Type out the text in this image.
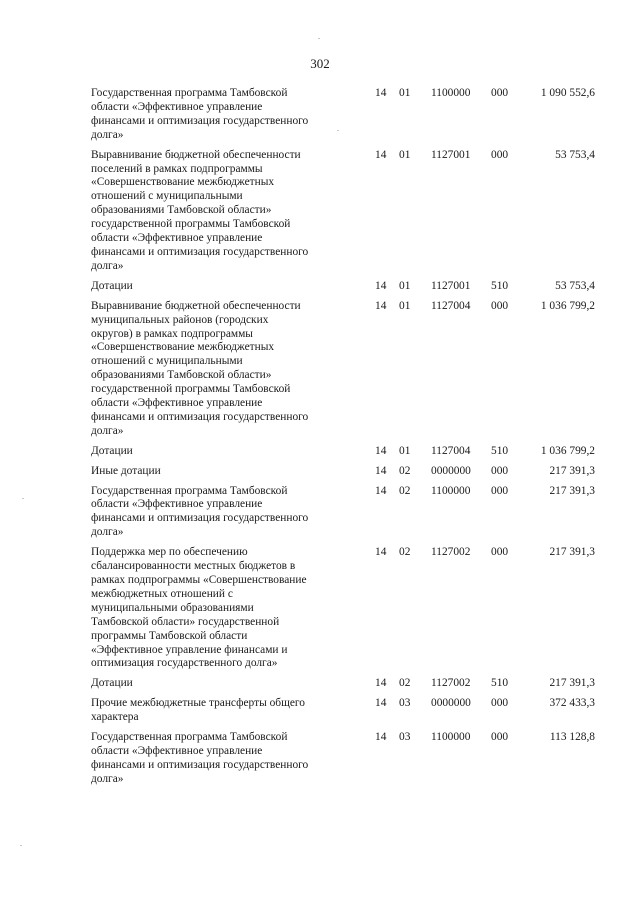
302
Государственная программа Тамбовской
области «Эффективное управление
финансами и оптимизация государственного
долга»
14 01 1100000 000	1 090 552,6
Выравнивание бюджетной обеспеченности
поселений в рамках подпрограммы
«Совершенствование межбюджетных
отношений с муниципальными
образованиями Тамбовской области»
государственной программы Тамбовской
области «Эффективное управление
финансами и оптимизация государственного
долга»
14 01 1127001 000	53 753,4
Дотации	14 01 1127001 510	53 753,4
Выравнивание бюджетной обеспеченности
муниципальных районов (городских
округов) в рамках подпрограммы
«Совершенствование межбюджетных
отношений с муниципальными
образованиями Тамбовской области»
государственной программы Тамбовской
области «Эффективное управление
финансами и оптимизация государственного
долга»
14 01 1127004 000	1 036 799,2
Дотации	14 01 1127004 510	1 036 799,2
Иные дотации	14 02 0000000 000	217 391,3
Государственная программа Тамбовской
области «Эффективное управление
финансами и оптимизация государственного
долга»
14 02 1100000 000	217 391,3
Поддержка мер по обеспечению
сбалансированности местных бюджетов в
рамках подпрограммы «Совершенствование
межбюджетных отношений с
муниципальными образованиями
Тамбовской области» государственной
программы Тамбовской области
«Эффективное управление финансами и
оптимизация государственного долга»
14 02 1127002 000	217 391,3
Дотации	14 02 1127002 510	217 391,3
Прочие межбюджетные трансферты общего
характера
14 03 0000000 000	372 433,3
Государственная программа Тамбовской
области «Эффективное управление
финансами и оптимизация государственного
долга»
14 03 1100000 000	113 128,8
